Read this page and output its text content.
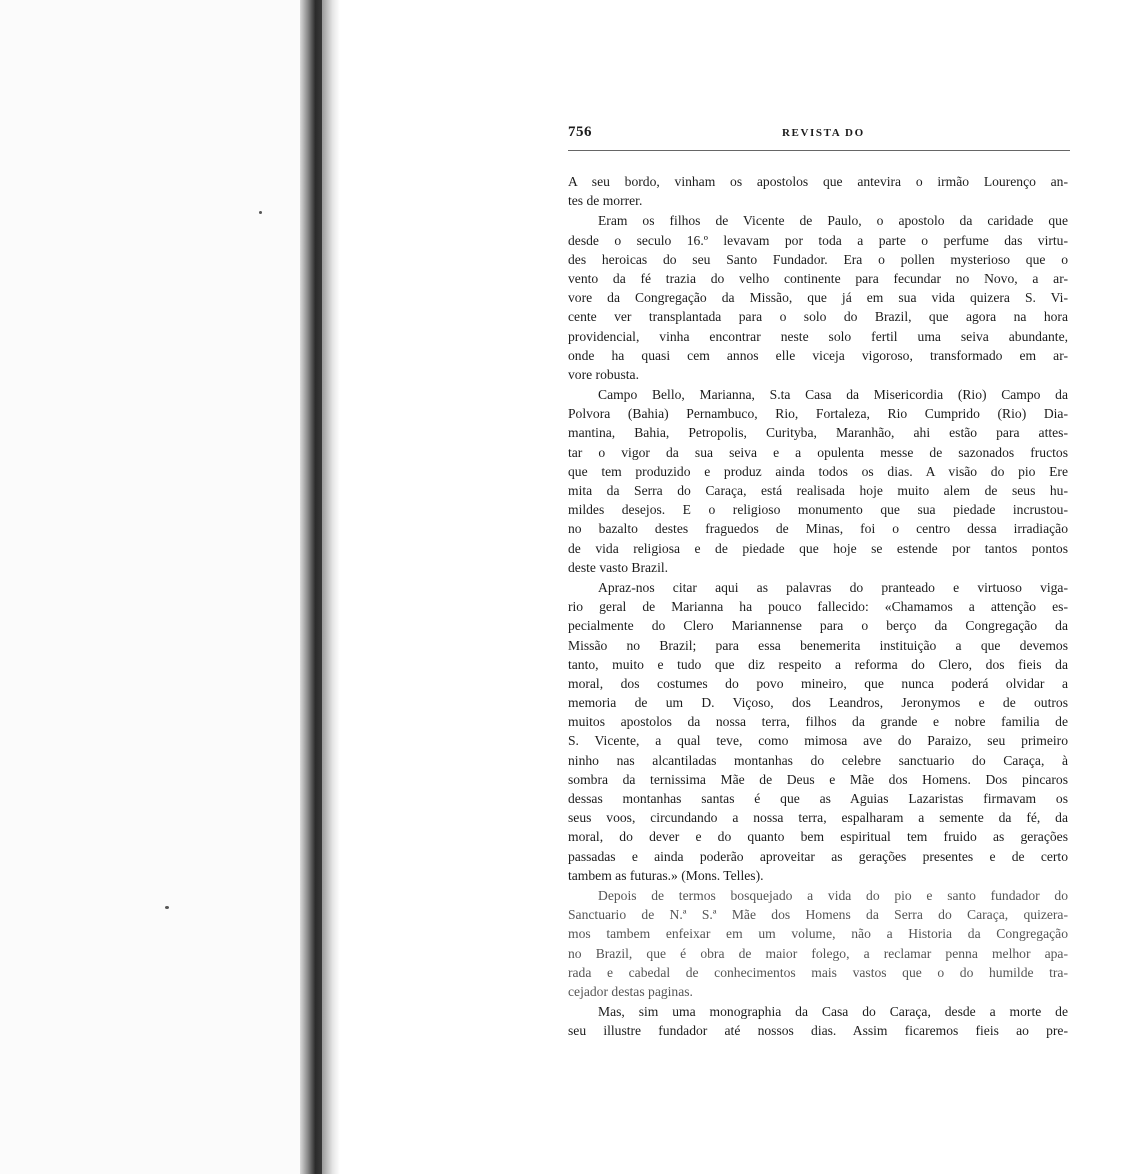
756	REVISTA DO
A seu bordo, vinham os apostolos que antevira o irmão Lourenço an-
tes de morrer.
Eram os filhos de Vicente de Paulo, o apostolo da caridade que
desde o seculo 16.º levavam por toda a parte o perfume das virtu-
des heroicas do seu Santo Fundador. Era o pollen mysterioso que o
vento da fé trazia do velho continente para fecundar no Novo, a ar-
vore da Congregação da Missão, que já em sua vida quizera S. Vi-
cente ver transplantada para o solo do Brazil, que agora na hora
providencial, vinha encontrar neste solo fertil uma seiva abundante,
onde ha quasi cem annos elle viceja vigoroso, transformado em ar-
vore robusta.
Campo Bello, Marianna, S.ta Casa da Misericordia (Rio) Campo da
Polvora (Bahia) Pernambuco, Rio, Fortaleza, Rio Cumprido (Rio) Dia-
mantina, Bahia, Petropolis, Curityba, Maranhão, ahi estão para attes-
tar o vigor da sua seiva e a opulenta messe de sazonados fructos
que tem produzido e produz ainda todos os dias. A visão do pio Ere
mita da Serra do Caraça, está realisada hoje muito alem de seus hu-
mildes desejos. E o religioso monumento que sua piedade incrustou-
no bazalto destes fraguedos de Minas, foi o centro dessa irradiação
de vida religiosa e de piedade que hoje se estende por tantos pontos
deste vasto Brazil.
Apraz-nos citar aqui as palavras do pranteado e virtuoso viga-
rio geral de Marianna ha pouco fallecido: «Chamamos a attenção es-
pecialmente do Clero Mariannense para o berço da Congregação da
Missão no Brazil; para essa benemerita instituição a que devemos
tanto, muito e tudo que diz respeito a reforma do Clero, dos fieis da
moral, dos costumes do povo mineiro, que nunca poderá olvidar a
memoria de um D. Viçoso, dos Leandros, Jeronymos e de outros
muitos apostolos da nossa terra, filhos da grande e nobre familia de
S. Vicente, a qual teve, como mimosa ave do Paraizo, seu primeiro
ninho nas alcantiladas montanhas do celebre sanctuario do Caraça, à
sombra da ternissima Mãe de Deus e Mãe dos Homens. Dos pincaros
dessas montanhas santas é que as Aguias Lazaristas firmavam os
seus voos, circundando a nossa terra, espalharam a semente da fé, da
moral, do dever e do quanto bem espiritual tem fruido as gerações
passadas e ainda poderão aproveitar as gerações presentes e de certo
tambem as futuras.» (Mons. Telles).
Depois de termos bosquejado a vida do pio e santo fundador do
Sanctuario de N.ª S.ª Mãe dos Homens da Serra do Caraça, quizera-
mos tambem enfeixar em um volume, não a Historia da Congregação
no Brazil, que é obra de maior folego, a reclamar penna melhor apa-
rada e cabedal de conhecimentos mais vastos que o do humilde tra-
cejador destas paginas.
Mas, sim uma monographia da Casa do Caraça, desde a morte de
seu illustre fundador até nossos dias. Assim ficaremos fieis ao pre-
